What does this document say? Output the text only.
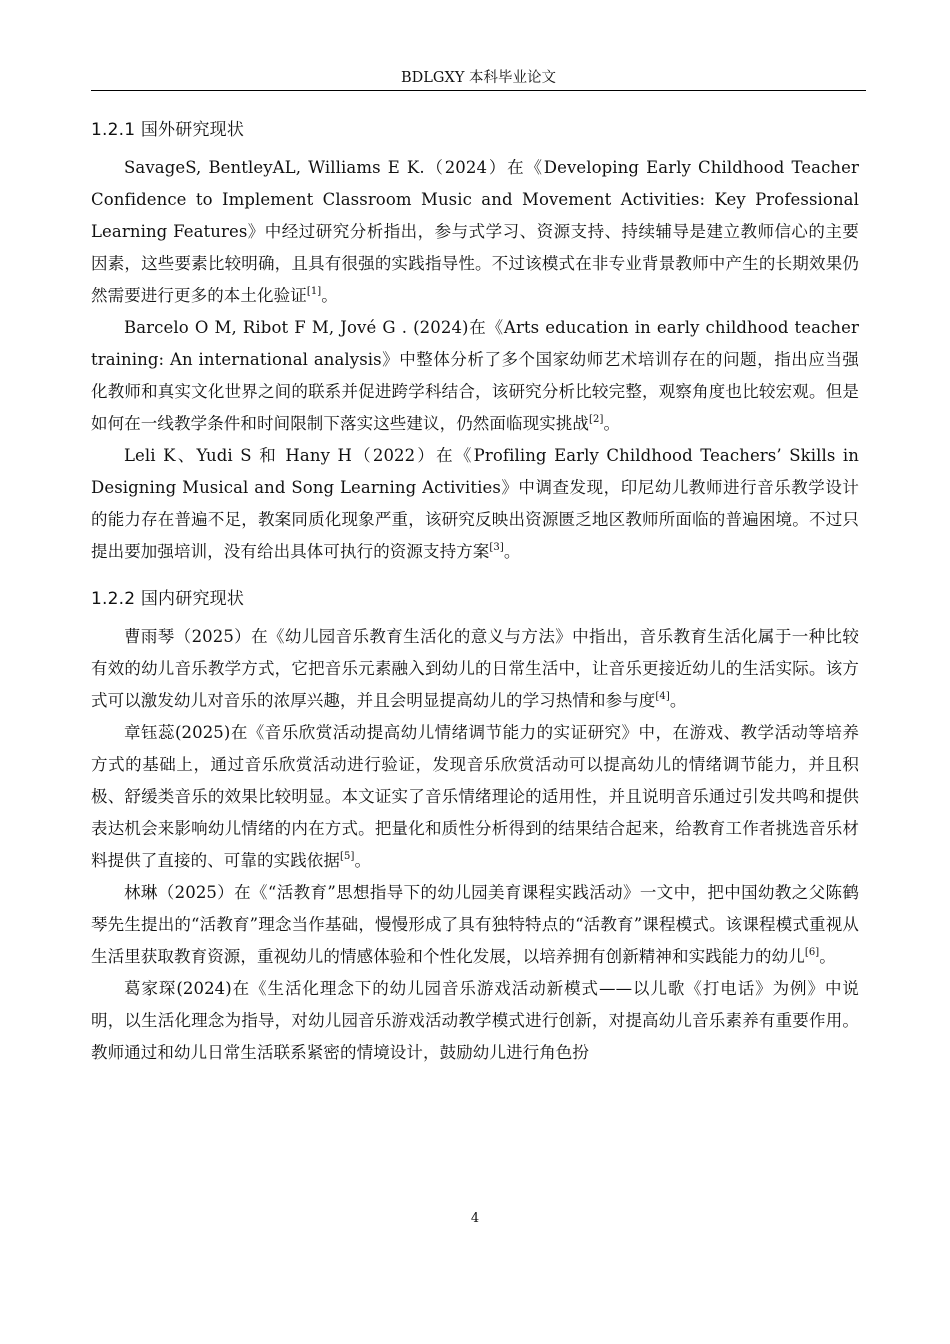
BDLGXY 本科毕业论文
1.2.1 国外研究现状

SavageS, BentleyAL, Williams E K.（2024）在《Developing Early Childhood Teacher Confidence to Implement Classroom Music and Movement Activities: Key Professional Learning Features》中经过研究分析指出，参与式学习、资源支持、持续辅导是建立教师信心的主要因素，这些要素比较明确，且具有很强的实践指导性。不过该模式在非专业背景教师中产生的长期效果仍然需要进行更多的本土化验证[1]。

Barcelo O M, Ribot F M, Jové G . (2024)在《Arts education in early childhood teacher training: An international analysis》中整体分析了多个国家幼师艺术培训存在的问题，指出应当强化教师和真实文化世界之间的联系并促进跨学科结合，该研究分析比较完整，观察角度也比较宏观。但是如何在一线教学条件和时间限制下落实这些建议，仍然面临现实挑战[2]。

Leli K、Yudi S 和 Hany H（2022）在《Profiling Early Childhood Teachers’ Skills in Designing Musical and Song Learning Activities》中调查发现，印尼幼儿教师进行音乐教学设计的能力存在普遍不足，教案同质化现象严重，该研究反映出资源匮乏地区教师所面临的普遍困境。不过只提出要加强培训，没有给出具体可执行的资源支持方案[3]。

1.2.2 国内研究现状

曹雨琴（2025）在《幼儿园音乐教育生活化的意义与方法》中指出，音乐教育生活化属于一种比较有效的幼儿音乐教学方式，它把音乐元素融入到幼儿的日常生活中，让音乐更接近幼儿的生活实际。该方式可以激发幼儿对音乐的浓厚兴趣，并且会明显提高幼儿的学习热情和参与度[4]。

章钰蕊(2025)在《音乐欣赏活动提高幼儿情绪调节能力的实证研究》中，在游戏、教学活动等培养方式的基础上，通过音乐欣赏活动进行验证，发现音乐欣赏活动可以提高幼儿的情绪调节能力，并且积极、舒缓类音乐的效果比较明显。本文证实了音乐情绪理论的适用性，并且说明音乐通过引发共鸣和提供表达机会来影响幼儿情绪的内在方式。把量化和质性分析得到的结果结合起来，给教育工作者挑选音乐材料提供了直接的、可靠的实践依据[5]。

林琳（2025）在《“活教育”思想指导下的幼儿园美育课程实践活动》一文中，把中国幼教之父陈鹤琴先生提出的“活教育”理念当作基础，慢慢形成了具有独特特点的“活教育”课程模式。该课程模式重视从生活里获取教育资源，重视幼儿的情感体验和个性化发展，以培养拥有创新精神和实践能力的幼儿[6]。

葛家琛(2024)在《生活化理念下的幼儿园音乐游戏活动新模式——以儿歌《打电话》为例》中说明，以生活化理念为指导，对幼儿园音乐游戏活动教学模式进行创新，对提高幼儿音乐素养有重要作用。教师通过和幼儿日常生活联系紧密的情境设计，鼓励幼儿进行角色扮

4
